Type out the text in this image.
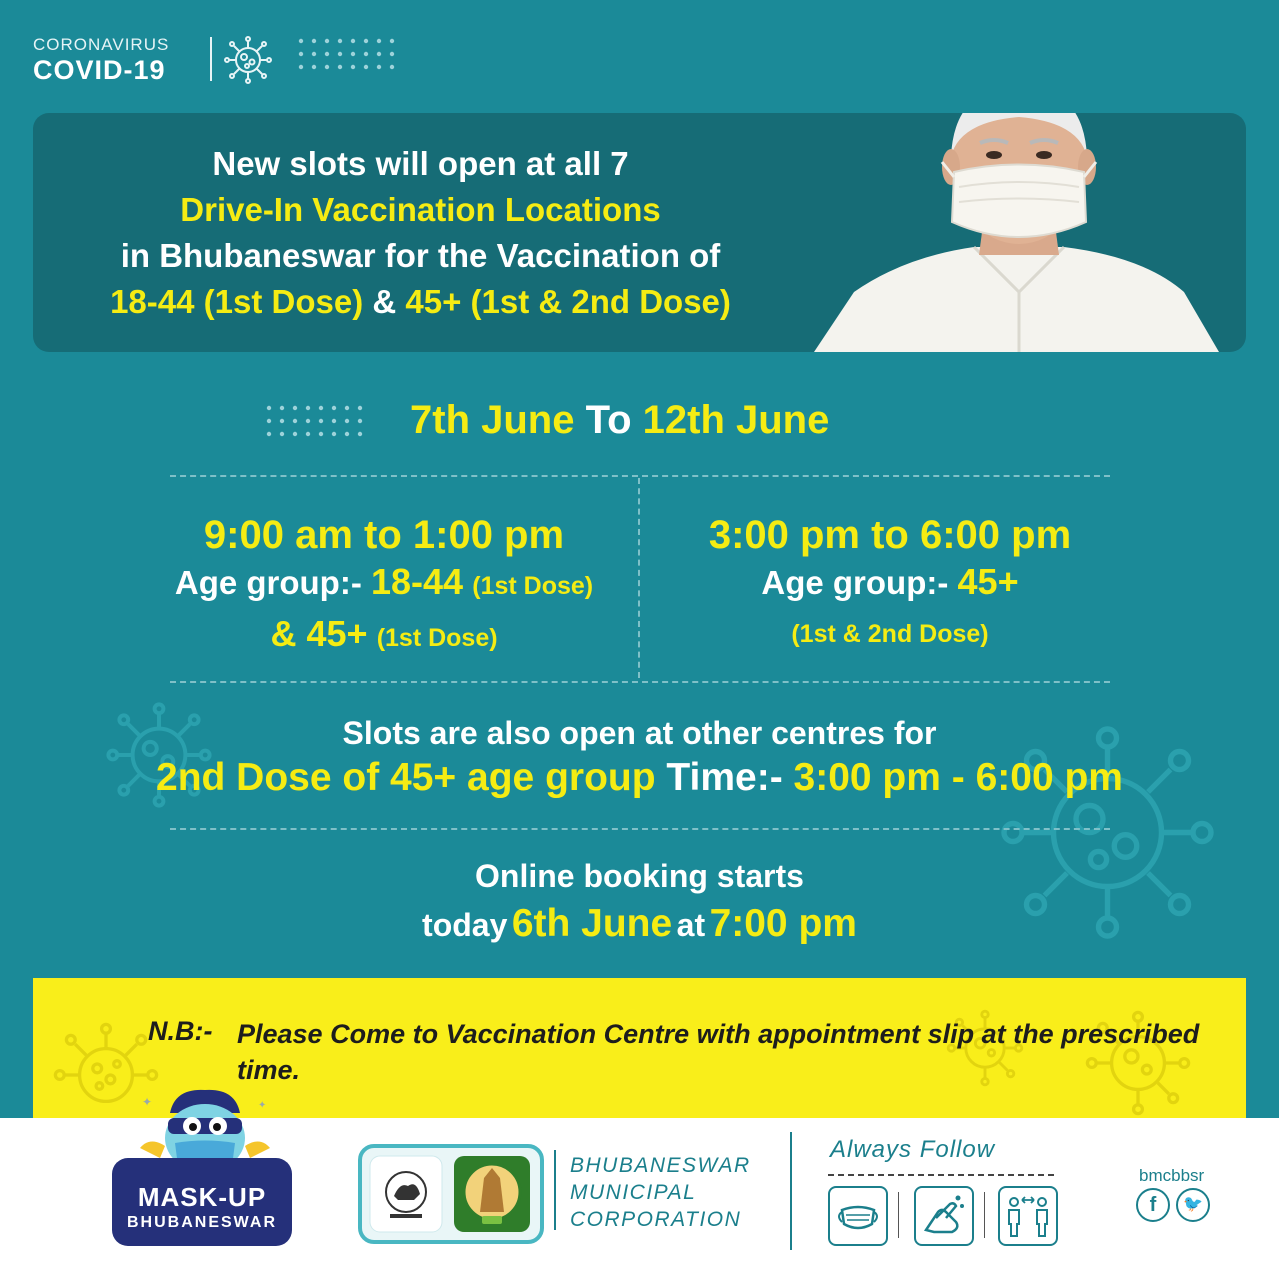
CORONAVIRUS
COVID-19
New slots will open at all 7
Drive-In Vaccination Locations
in Bhubaneswar for the Vaccination of
18-44 (1st Dose) & 45+ (1st & 2nd Dose)
7th June To 12th June
9:00 am to 1:00 pm
Age group:- 18-44 (1st Dose)
& 45+ (1st Dose)
3:00 pm to 6:00 pm
Age group:- 45+
(1st & 2nd Dose)
Slots are also open at other centres for
2nd Dose of 45+ age group Time:- 3:00 pm - 6:00 pm
Online booking starts
today 6th June at 7:00 pm
N.B:- Please Come to Vaccination Centre with appointment slip at the prescribed time.
✦	✦
MASK-UP
BHUBANESWAR
BHUBANESWAR
MUNICIPAL
CORPORATION
Always Follow
bmcbbsr
f	🐦
